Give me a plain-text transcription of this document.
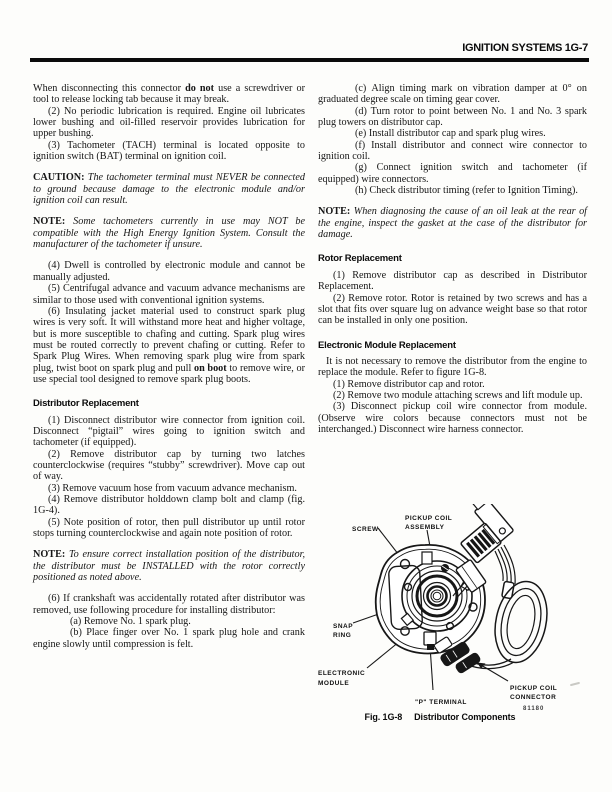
IGNITION SYSTEMS 1G-7

When disconnecting this connector do not use a screwdriver or tool to release locking tab because it may break.

(2) No periodic lubrication is required. Engine oil lubricates lower bushing and oil-filled reservoir provides lubrication for upper bushing.

(3) Tachometer (TACH) terminal is located opposite to ignition switch (BAT) terminal on ignition coil.

CAUTION: The tachometer terminal must NEVER be connected to ground because damage to the electronic module and/or ignition coil can result.

NOTE: Some tachometers currently in use may NOT be compatible with the High Energy Ignition System. Consult the manufacturer of the tachometer if unsure.

(4) Dwell is controlled by electronic module and cannot be manually adjusted.

(5) Centrifugal advance and vacuum advance mechanisms are similar to those used with conventional ignition systems.

(6) Insulating jacket material used to construct spark plug wires is very soft. It will withstand more heat and higher voltage, but is more susceptible to chafing and cutting. Spark plug wires must be routed correctly to prevent chafing or cutting. Refer to Spark Plug Wires. When removing spark plug wire from spark plug, twist boot on spark plug and pull on boot to remove wire, or use special tool designed to remove spark plug boots.

Distributor Replacement

(1) Disconnect distributor wire connector from ignition coil. Disconnect “pigtail” wires going to ignition switch and tachometer (if equipped).

(2) Remove distributor cap by turning two latches counterclockwise (requires “stubby” screwdriver). Move cap out of way.

(3) Remove vacuum hose from vacuum advance mechanism.

(4) Remove distributor holddown clamp bolt and clamp (fig. 1G-4).

(5) Note position of rotor, then pull distributor up until rotor stops turning counterclockwise and again note position of rotor.

NOTE: To ensure correct installation position of the distributor, the distributor must be INSTALLED with the rotor correctly positioned as noted above.

(6) If crankshaft was accidentally rotated after distributor was removed, use following procedure for installing distributor:

(a) Remove No. 1 spark plug.

(b) Place finger over No. 1 spark plug hole and crank engine slowly until compression is felt.

(c) Align timing mark on vibration damper at 0° on graduated degree scale on timing gear cover.

(d) Turn rotor to point between No. 1 and No. 3 spark plug towers on distributor cap.

(e) Install distributor cap and spark plug wires.

(f) Install distributor and connect wire connector to ignition coil.

(g) Connect ignition switch and tachometer (if equipped) wire connectors.

(h) Check distributor timing (refer to Ignition Timing).

NOTE: When diagnosing the cause of an oil leak at the rear of the engine, inspect the gasket at the case of the distributor for damage.

Rotor Replacement

(1) Remove distributor cap as described in Distributor Replacement.

(2) Remove rotor. Rotor is retained by two screws and has a slot that fits over square lug on advance weight base so that rotor can be installed in only one position.

Electronic Module Replacement

It is not necessary to remove the distributor from the engine to replace the module. Refer to figure 1G-8.

(1) Remove distributor cap and rotor.

(2) Remove two module attaching screws and lift module up.

(3) Disconnect pickup coil wire connector from module. (Observe wire colors because connectors must not be interchanged.) Disconnect wire harness connector.

SCREW
PICKUP COIL
ASSEMBLY
SNAP
RING
ELECTRONIC
MODULE
"P" TERMINAL
PICKUP COIL
CONNECTOR
81180
Fig. 1G-8 Distributor Components
